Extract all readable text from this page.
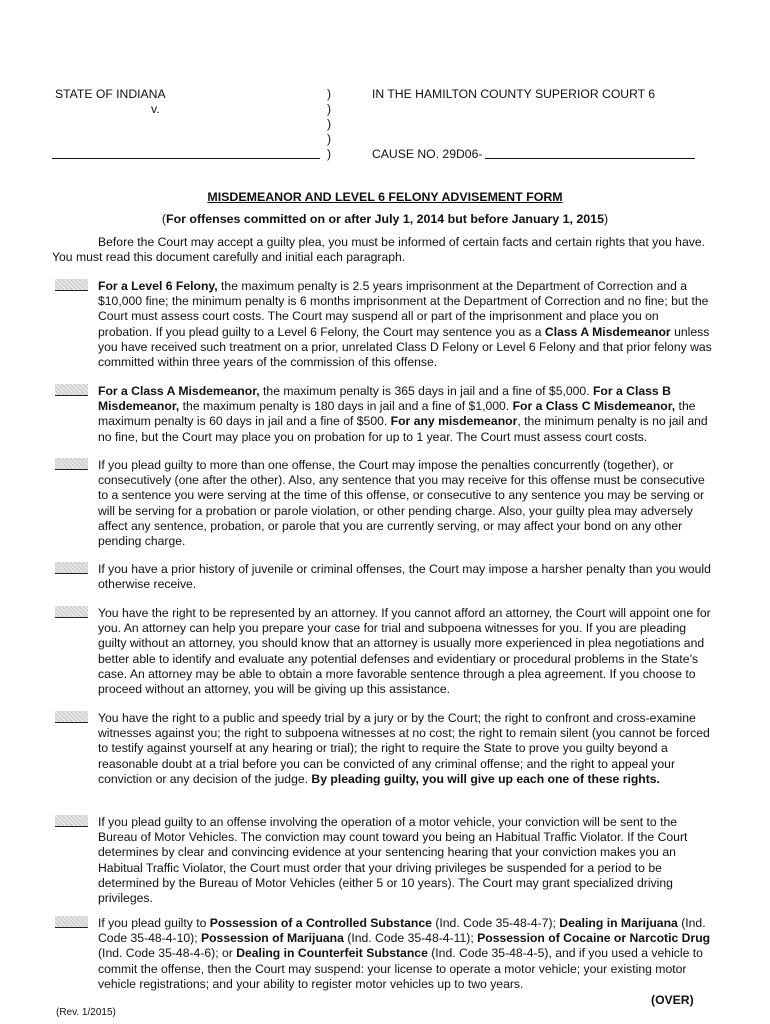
STATE OF INDIANA
v.
)
)
)
)
)
IN THE HAMILTON COUNTY SUPERIOR COURT 6
CAUSE NO. 29D06-
MISDEMEANOR AND LEVEL 6 FELONY ADVISEMENT FORM
(For offenses committed on or after July 1, 2014 but before January 1, 2015)

Before the Court may accept a guilty plea, you must be informed of certain facts and certain rights that you have. You must read this document carefully and initial each paragraph.

For a Level 6 Felony, the maximum penalty is 2.5 years imprisonment at the Department of Correction and a $10,000 fine; the minimum penalty is 6 months imprisonment at the Department of Correction and no fine; but the Court must assess court costs. The Court may suspend all or part of the imprisonment and place you on probation. If you plead guilty to a Level 6 Felony, the Court may sentence you as a Class A Misdemeanor unless you have received such treatment on a prior, unrelated Class D Felony or Level 6 Felony and that prior felony was committed within three years of the commission of this offense.

For a Class A Misdemeanor, the maximum penalty is 365 days in jail and a fine of $5,000. For a Class B Misdemeanor, the maximum penalty is 180 days in jail and a fine of $1,000. For a Class C Misdemeanor, the maximum penalty is 60 days in jail and a fine of $500. For any misdemeanor, the minimum penalty is no jail and no fine, but the Court may place you on probation for up to 1 year. The Court must assess court costs.

If you plead guilty to more than one offense, the Court may impose the penalties concurrently (together), or consecutively (one after the other). Also, any sentence that you may receive for this offense must be consecutive to a sentence you were serving at the time of this offense, or consecutive to any sentence you may be serving or will be serving for a probation or parole violation, or other pending charge. Also, your guilty plea may adversely affect any sentence, probation, or parole that you are currently serving, or may affect your bond on any other pending charge.

If you have a prior history of juvenile or criminal offenses, the Court may impose a harsher penalty than you would otherwise receive.

You have the right to be represented by an attorney. If you cannot afford an attorney, the Court will appoint one for you. An attorney can help you prepare your case for trial and subpoena witnesses for you. If you are pleading guilty without an attorney, you should know that an attorney is usually more experienced in plea negotiations and better able to identify and evaluate any potential defenses and evidentiary or procedural problems in the State’s case. An attorney may be able to obtain a more favorable sentence through a plea agreement. If you choose to proceed without an attorney, you will be giving up this assistance.

You have the right to a public and speedy trial by a jury or by the Court; the right to confront and cross-examine witnesses against you; the right to subpoena witnesses at no cost; the right to remain silent (you cannot be forced to testify against yourself at any hearing or trial); the right to require the State to prove you guilty beyond a reasonable doubt at a trial before you can be convicted of any criminal offense; and the right to appeal your conviction or any decision of the judge. By pleading guilty, you will give up each one of these rights.

If you plead guilty to an offense involving the operation of a motor vehicle, your conviction will be sent to the Bureau of Motor Vehicles. The conviction may count toward you being an Habitual Traffic Violator. If the Court determines by clear and convincing evidence at your sentencing hearing that your conviction makes you an Habitual Traffic Violator, the Court must order that your driving privileges be suspended for a period to be determined by the Bureau of Motor Vehicles (either 5 or 10 years). The Court may grant specialized driving privileges.

If you plead guilty to Possession of a Controlled Substance (Ind. Code 35-48-4-7); Dealing in Marijuana (Ind. Code 35-48-4-10); Possession of Marijuana (Ind. Code 35-48-4-11); Possession of Cocaine or Narcotic Drug (Ind. Code 35-48-4-6); or Dealing in Counterfeit Substance (Ind. Code 35-48-4-5), and if you used a vehicle to commit the offense, then the Court may suspend: your license to operate a motor vehicle; your existing motor vehicle registrations; and your ability to register motor vehicles up to two years.

(OVER)
(Rev. 1/2015)
